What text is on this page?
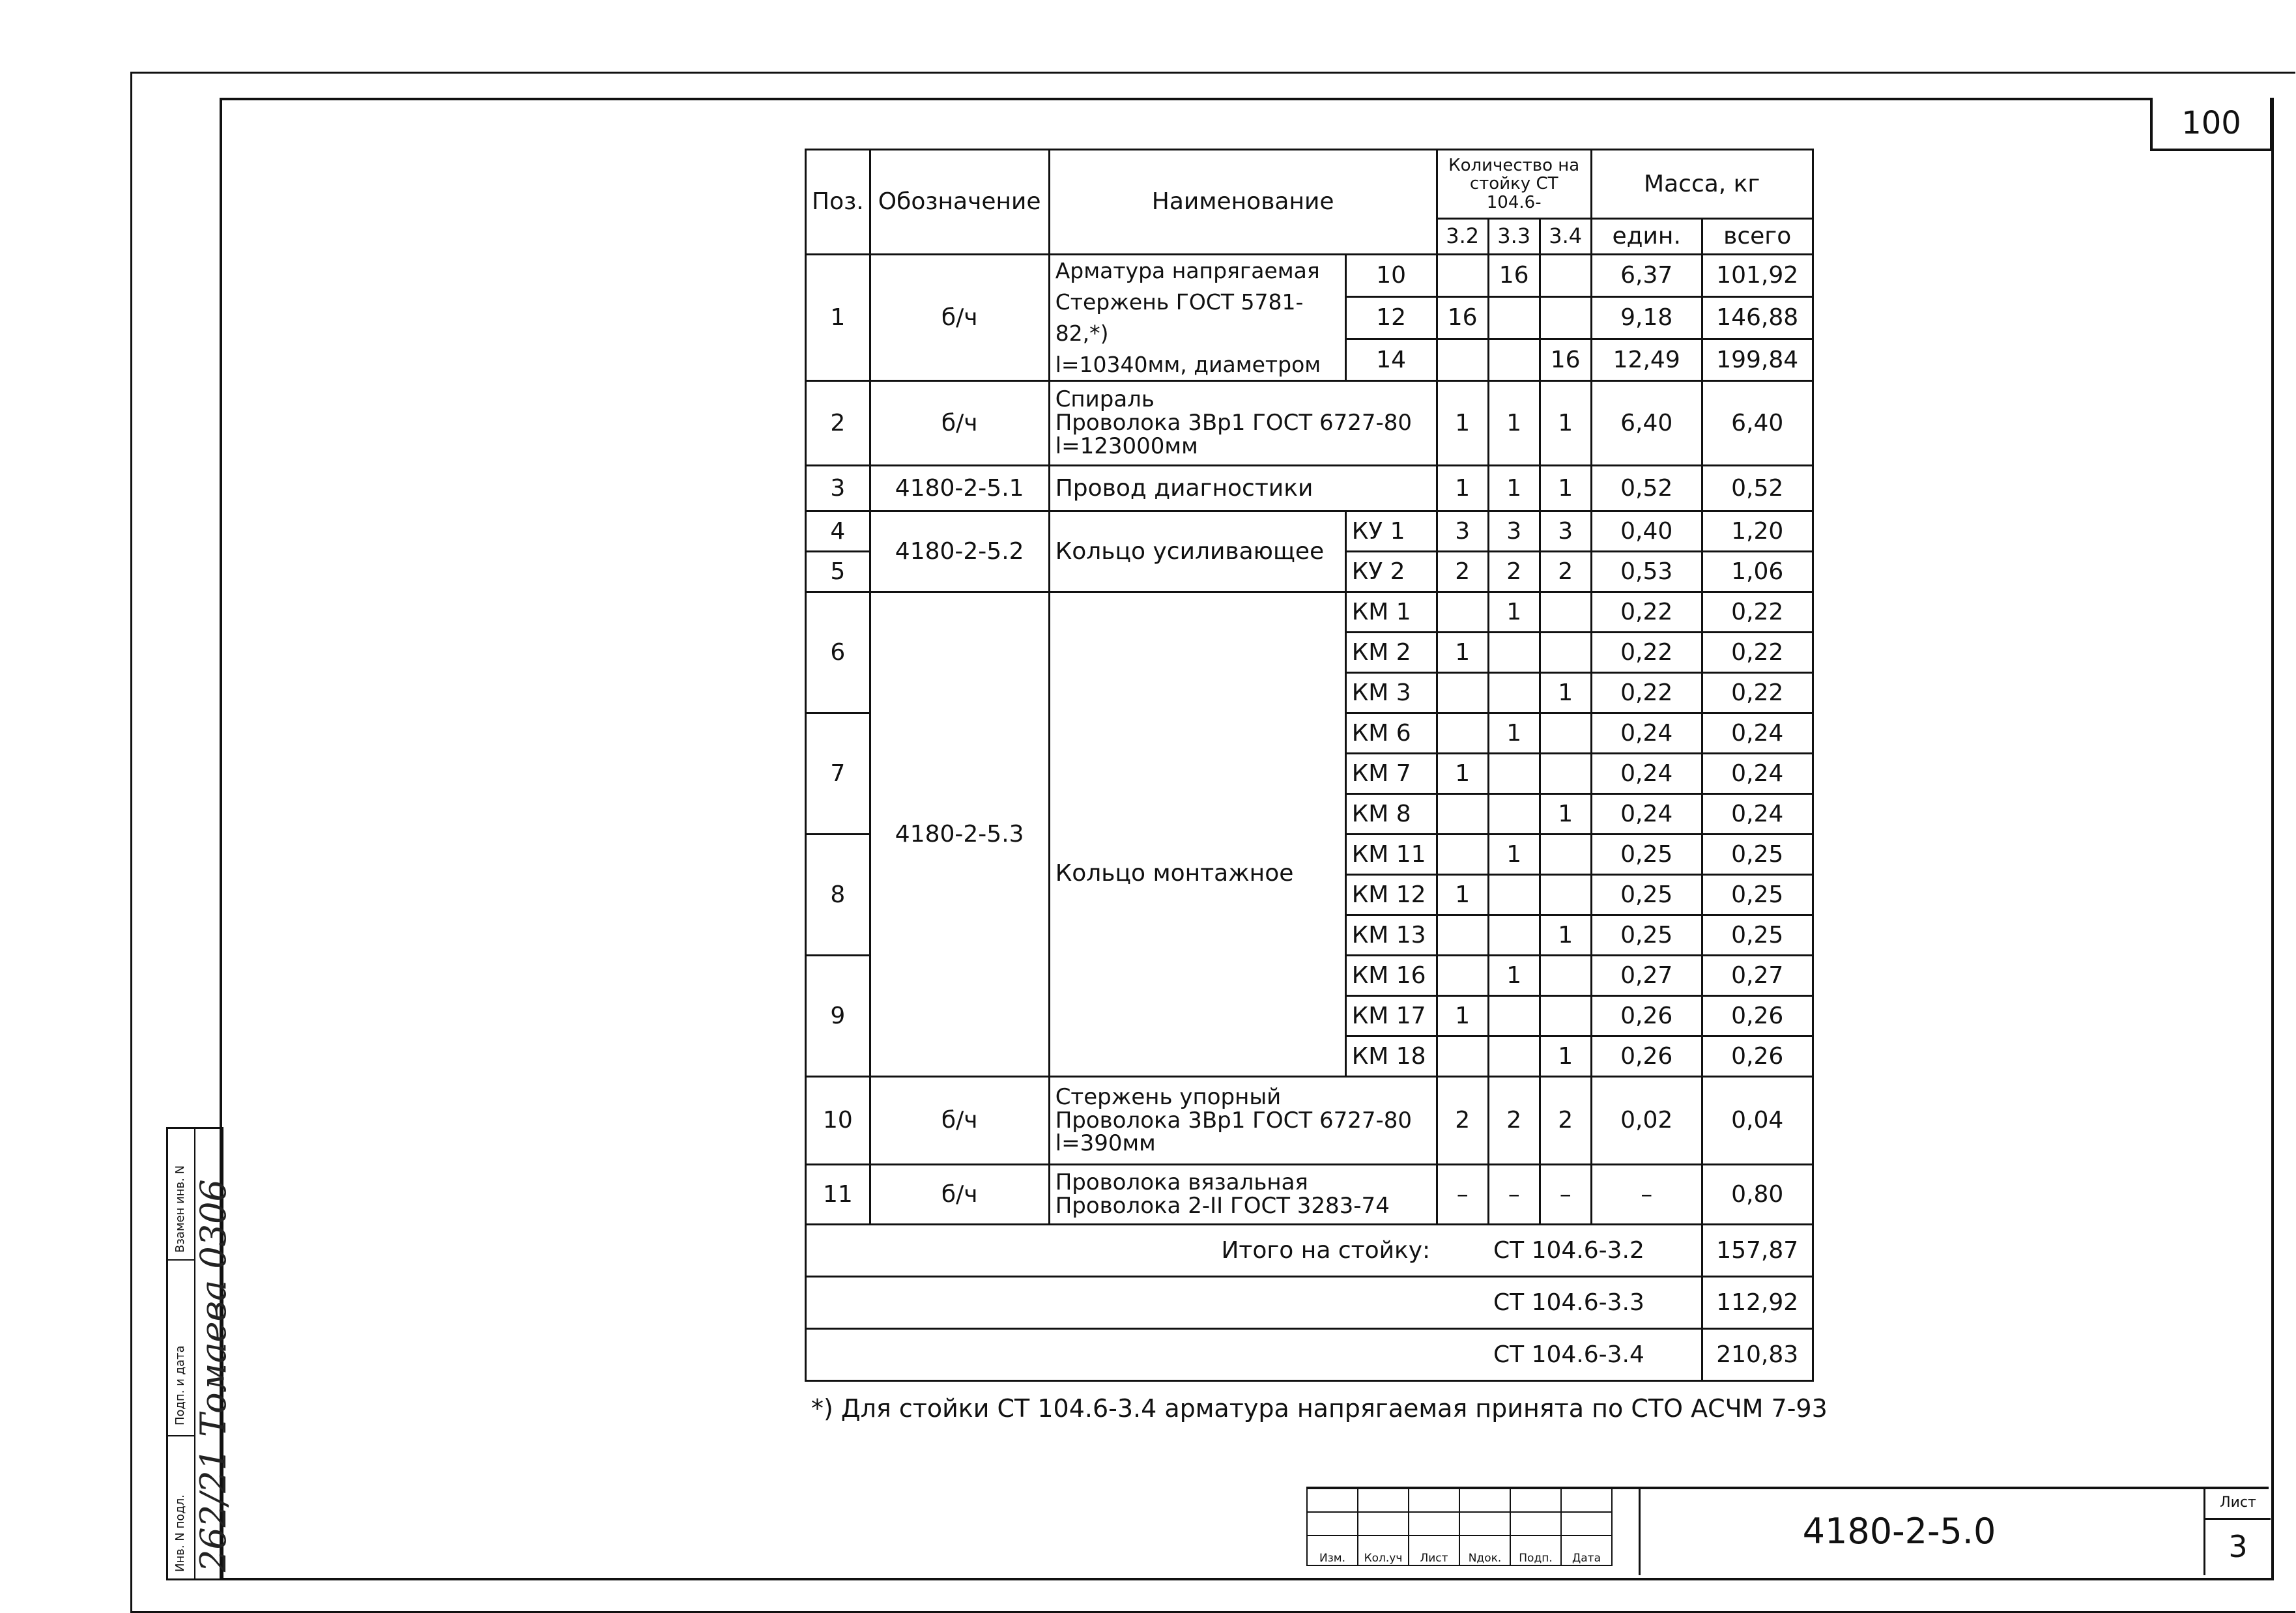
100
Поз.	Обозначение	Наименование		Количество на стойку СТ 104.6-			Масса, кг	
				3.2	3.3	3.4	един.	всего
1	б/ч	Арматура напрягаемая
Стержень ГОСТ 5781-82,*)
l=10340мм, диаметром	10		16		6,37	101,92
			12	16			9,18	146,88
			14			16	12,49	199,84
2	б/ч	Спираль
Проволока 3Вр1 ГОСТ 6727-80
l=123000мм		1	1	1	6,40	6,40
3	4180-2-5.1	Провод диагностики		1	1	1	0,52	0,52
4	4180-2-5.2	Кольцо усиливающее	КУ 1	3	3	3	0,40	1,20
5			КУ 2	2	2	2	0,53	1,06
6	4180-2-5.3	Кольцо монтажное	КМ 1		1		0,22	0,22
			КМ 2	1			0,22	0,22
			КМ 3			1	0,22	0,22
7			КМ 6		1		0,24	0,24
			КМ 7	1			0,24	0,24
			КМ 8			1	0,24	0,24
8			КМ 11		1		0,25	0,25
			КМ 12	1			0,25	0,25
			КМ 13			1	0,25	0,25
9			КМ 16		1		0,27	0,27
			КМ 17	1			0,26	0,26
			КМ 18			1	0,26	0,26
10	б/ч	Стержень упорный
Проволока 3Вр1 ГОСТ 6727-80
l=390мм		2	2	2	0,02	0,04
11	б/ч	Проволока вязальная
Проволока 2-II ГОСТ 3283-74		–	–	–	–	0,80
Итого на стойку:				СТ 104.6-3.2				157,87
				СТ 104.6-3.3				112,92
				СТ 104.6-3.4				210,83
*) Для стойки СТ 104.6-3.4 арматура напрягаемая принята по СТО АСЧМ 7-93

Изм.	Кол.уч	Лист	Nдок.	Подп.	Дата
4180-2-5.0
Лист
3
Взамен инв. N
Подп. и дата
Инв. N подл. 262/21 Томаева 0306
